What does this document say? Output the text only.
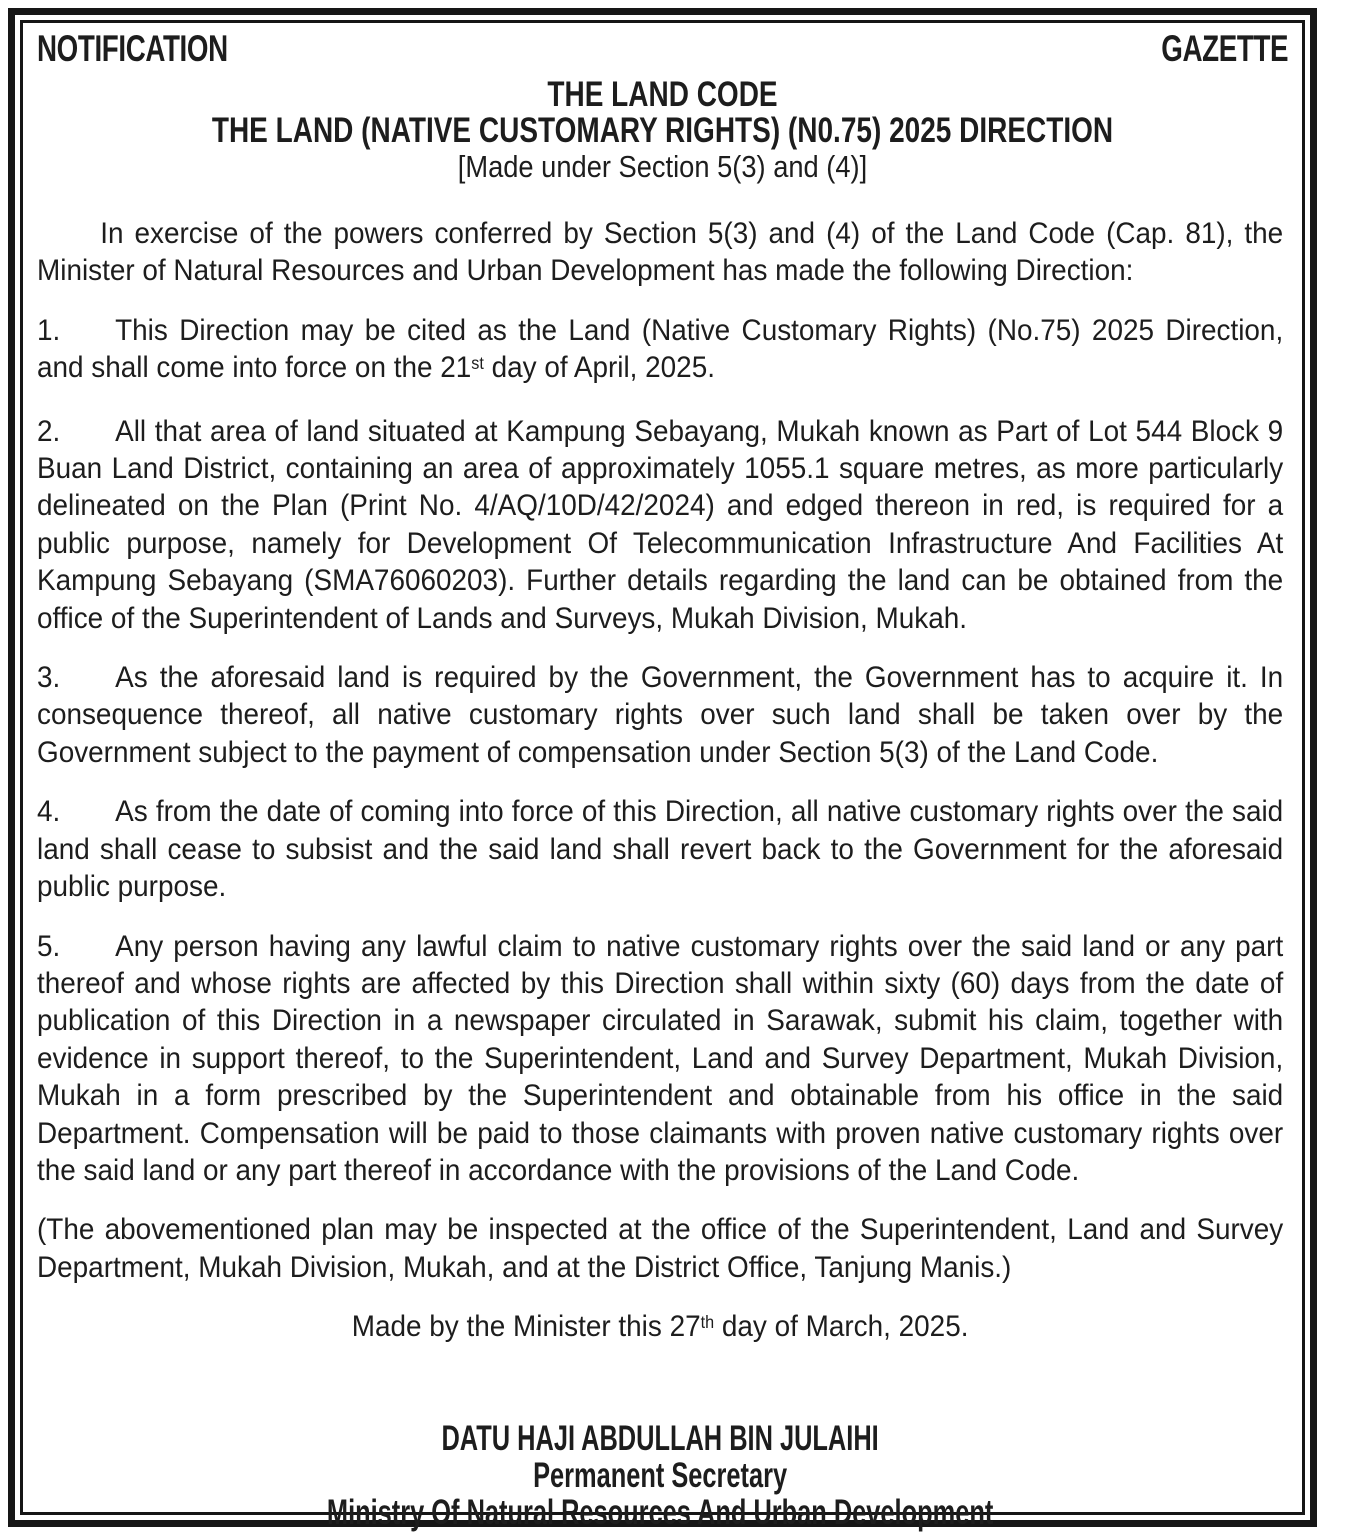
NOTIFICATION	GAZETTE
THE LAND CODE
THE LAND (NATIVE CUSTOMARY RIGHTS) (N0.75) 2025 DIRECTION
[Made under Section 5(3) and (4)]

In exercise of the powers conferred by Section 5(3) and (4) of the Land Code (Cap. 81), the Minister of Natural Resources and Urban Development has made the following Direction:

1. This Direction may be cited as the Land (Native Customary Rights) (No.75) 2025 Direction, and shall come into force on the 21st day of April, 2025.

2. All that area of land situated at Kampung Sebayang, Mukah known as Part of Lot 544 Block 9 Buan Land District, containing an area of approximately 1055.1 square metres, as more particularly delineated on the Plan (Print No. 4/AQ/10D/42/2024) and edged thereon in red, is required for a public purpose, namely for Development Of Telecommunication Infrastructure And Facilities At Kampung Sebayang (SMA76060203). Further details regarding the land can be obtained from the office of the Superintendent of Lands and Surveys, Mukah Division, Mukah.

3. As the aforesaid land is required by the Government, the Government has to acquire it. In consequence thereof, all native customary rights over such land shall be taken over by the Government subject to the payment of compensation under Section 5(3) of the Land Code.

4. As from the date of coming into force of this Direction, all native customary rights over the said land shall cease to subsist and the said land shall revert back to the Government for the aforesaid public purpose.

5. Any person having any lawful claim to native customary rights over the said land or any part thereof and whose rights are affected by this Direction shall within sixty (60) days from the date of publication of this Direction in a newspaper circulated in Sarawak, submit his claim, together with evidence in support thereof, to the Superintendent, Land and Survey Department, Mukah Division, Mukah in a form prescribed by the Superintendent and obtainable from his office in the said Department. Compensation will be paid to those claimants with proven native customary rights over the said land or any part thereof in accordance with the provisions of the Land Code.

(The abovementioned plan may be inspected at the office of the Superintendent, Land and Survey Department, Mukah Division, Mukah, and at the District Office, Tanjung Manis.)

Made by the Minister this 27th day of March, 2025.

DATU HAJI ABDULLAH BIN JULAIHI
Permanent Secretary
Ministry Of Natural Resources And Urban Development
